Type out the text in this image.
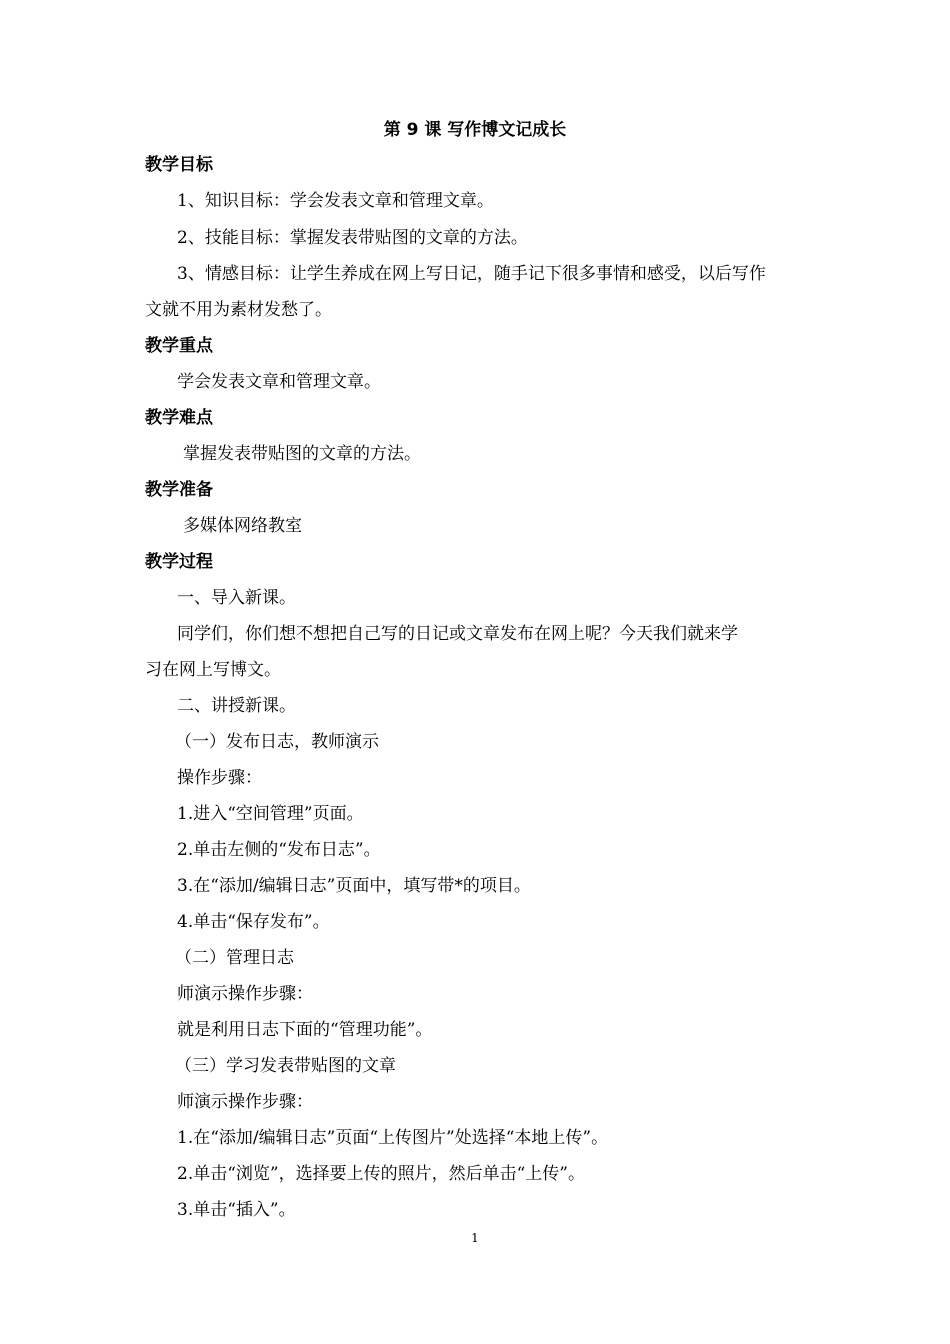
第 9 课 写作博文记成长
教学目标
1、知识目标：学会发表文章和管理文章。
2、技能目标：掌握发表带贴图的文章的方法。
3、情感目标：让学生养成在网上写日记，随手记下很多事情和感受，以后写作
文就不用为素材发愁了。
教学重点
学会发表文章和管理文章。
教学难点
掌握发表带贴图的文章的方法。
教学准备
多媒体网络教室
教学过程
一、导入新课。
同学们，你们想不想把自己写的日记或文章发布在网上呢？今天我们就来学
习在网上写博文。
二、讲授新课。
（一）发布日志，教师演示
操作步骤：
1.进入“空间管理”页面。
2.单击左侧的“发布日志”。
3.在“添加/编辑日志”页面中，填写带*的项目。
4.单击“保存发布”。
（二）管理日志
师演示操作步骤：
就是利用日志下面的“管理功能”。
（三）学习发表带贴图的文章
师演示操作步骤：
1.在“添加/编辑日志”页面“上传图片”处选择“本地上传”。
2.单击“浏览”，选择要上传的照片，然后单击“上传”。
3.单击“插入”。
1
